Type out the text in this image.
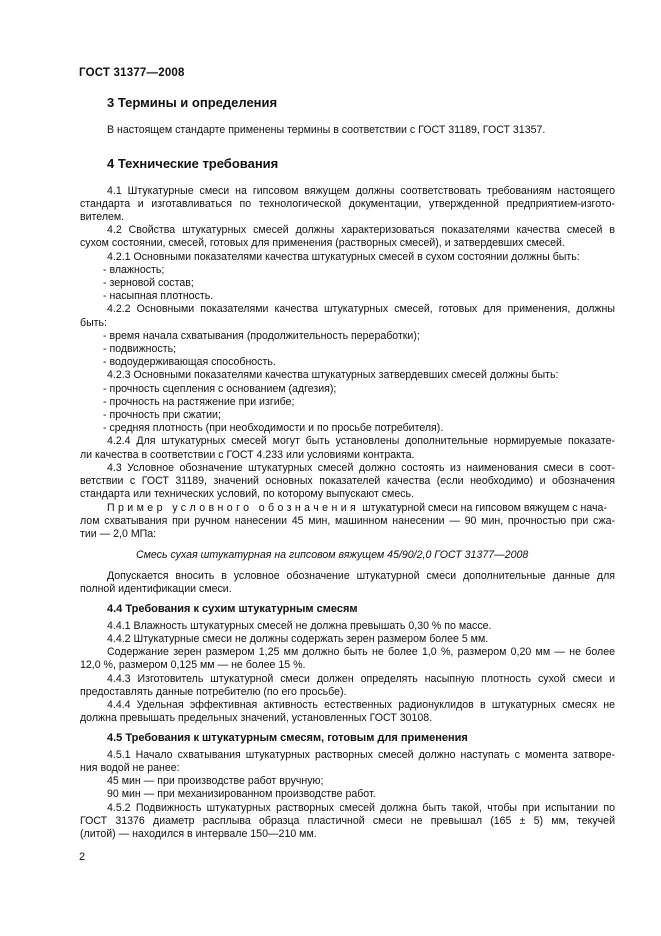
ГОСТ 31377—2008
3 Термины и определения
В настоящем стандарте применены термины в соответствии с ГОСТ 31189, ГОСТ 31357.
4 Технические требования
4.1 Штукатурные смеси на гипсовом вяжущем должны соответствовать требованиям настоящего
стандарта и изготавливаться по технологической документации, утвержденной предприятием-изгото-
вителем.
4.2 Свойства штукатурных смесей должны характеризоваться показателями качества смесей в
сухом состоянии, смесей, готовых для применения (растворных смесей), и затвердевших смесей.
4.2.1 Основными показателями качества штукатурных смесей в сухом состоянии должны быть:
- влажность;
- зерновой состав;
- насыпная плотность.
4.2.2 Основными показателями качества штукатурных смесей, готовых для применения, должны
быть:
- время начала схватывания (продолжительность переработки);
- подвижность;
- водоудерживающая способность.
4.2.3 Основными показателями качества штукатурных затвердевших смесей должны быть:
- прочность сцепления с основанием (адгезия);
- прочность на растяжение при изгибе;
- прочность при сжатии;
- средняя плотность (при необходимости и по просьбе потребителя).
4.2.4 Для штукатурных смесей могут быть установлены дополнительные нормируемые показате-
ли качества в соответствии с ГОСТ 4.233 или условиями контракта.
4.3 Условное обозначение штукатурных смесей должно состоять из наименования смеси в соот-
ветствии с ГОСТ 31189, значений основных показателей качества (если необходимо) и обозначения
стандарта или технических условий, по которому выпускают смесь.
Пример условного обозначения штукатурной смеси на гипсовом вяжущем с нача-
лом схватывания при ручном нанесении 45 мин, машинном нанесении — 90 мин, прочностью при сжа-
тии — 2,0 МПа:
Смесь сухая штукатурная на гипсовом вяжущем 45/90/2,0 ГОСТ 31377—2008
Допускается вносить в условное обозначение штукатурной смеси дополнительные данные для
полной идентификации смеси.
4.4 Требования к сухим штукатурным смесям
4.4.1 Влажность штукатурных смесей не должна превышать 0,30 % по массе.
4.4.2 Штукатурные смеси не должны содержать зерен размером более 5 мм.
Содержание зерен размером 1,25 мм должно быть не более 1,0 %, размером 0,20 мм — не более
12,0 %, размером 0,125 мм — не более 15 %.
4.4.3 Изготовитель штукатурной смеси должен определять насыпную плотность сухой смеси и
предоставлять данные потребителю (по его просьбе).
4.4.4 Удельная эффективная активность естественных радионуклидов в штукатурных смесях не
должна превышать предельных значений, установленных ГОСТ 30108.
4.5 Требования к штукатурным смесям, готовым для применения
4.5.1 Начало схватывания штукатурных растворных смесей должно наступать с момента затворе-
ния водой не ранее:
45 мин — при производстве работ вручную;
90 мин — при механизированном производстве работ.
4.5.2 Подвижность штукатурных растворных смесей должна быть такой, чтобы при испытании по
ГОСТ 31376 диаметр расплыва образца пластичной смеси не превышал (165 ± 5) мм, текучей
(литой) — находился в интервале 150—210 мм.
2
